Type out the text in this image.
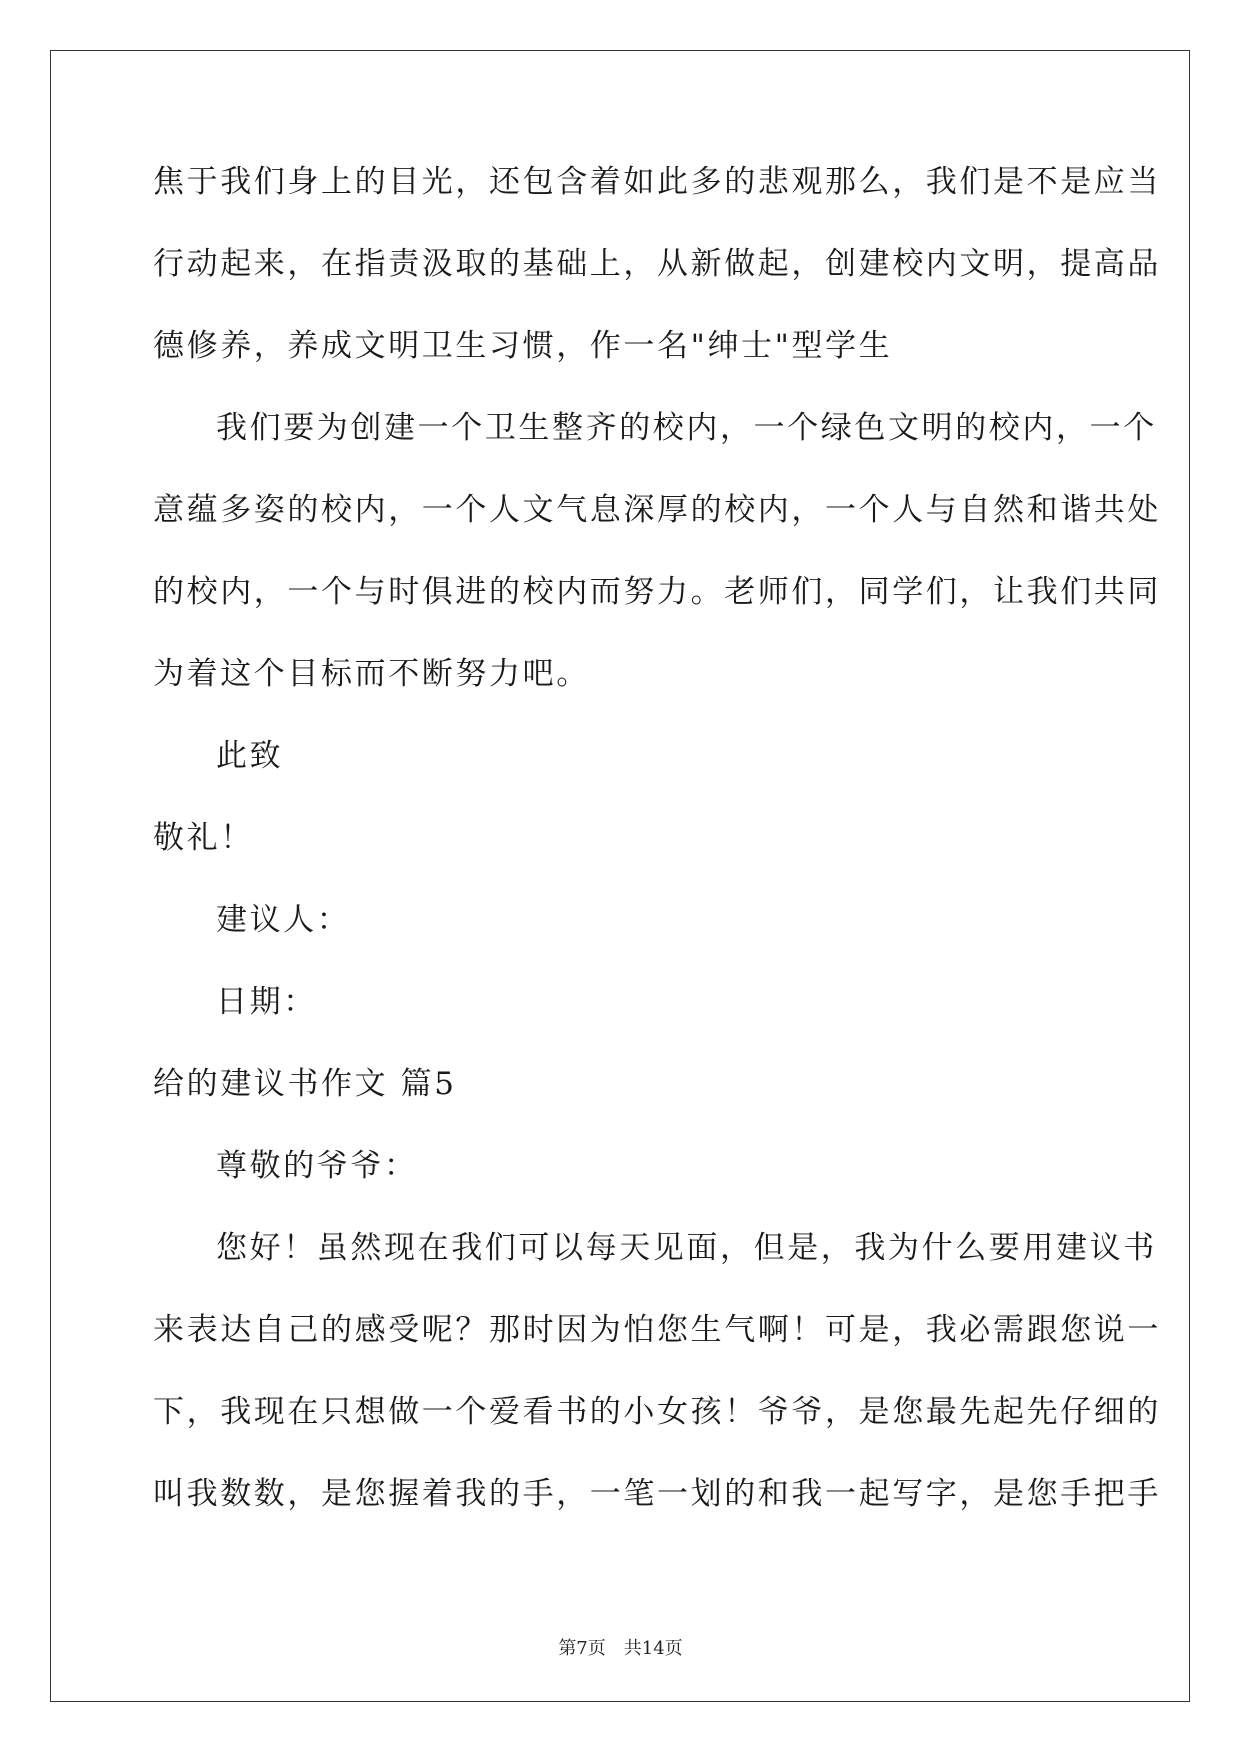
焦于我们身上的目光，还包含着如此多的悲观那么，我们是不是应当
行动起来，在指责汲取的基础上，从新做起，创建校内文明，提高品
德修养，养成文明卫生习惯，作一名"绅士"型学生
我们要为创建一个卫生整齐的校内，一个绿色文明的校内，一个
意蕴多姿的校内，一个人文气息深厚的校内，一个人与自然和谐共处
的校内，一个与时俱进的校内而努力。老师们，同学们，让我们共同
为着这个目标而不断努力吧。
此致
敬礼！
建议人：
日期：
给的建议书作文 篇5
尊敬的爷爷：
您好！虽然现在我们可以每天见面，但是，我为什么要用建议书
来表达自己的感受呢？那时因为怕您生气啊！可是，我必需跟您说一
下，我现在只想做一个爱看书的小女孩！爷爷，是您最先起先仔细的
叫我数数，是您握着我的手，一笔一划的和我一起写字，是您手把手
第7页　共14页
